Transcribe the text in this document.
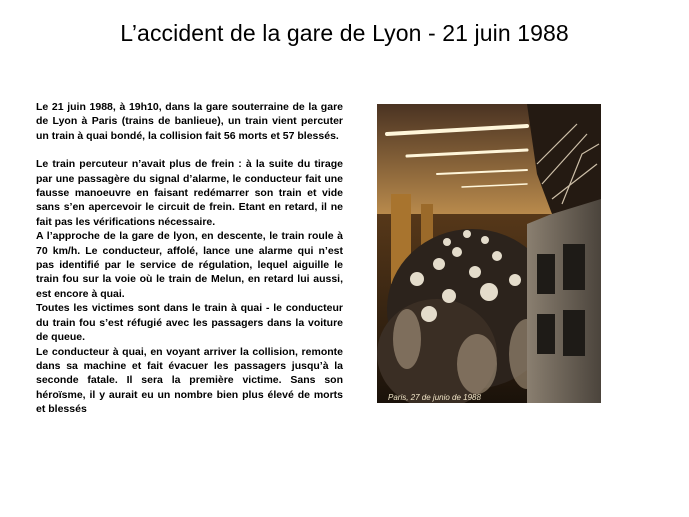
L’accident de la gare de Lyon - 21 juin 1988

Le 21 juin 1988, à 19h10, dans la gare souterraine de la gare de Lyon à Paris (trains de banlieue), un train vient percuter un train à quai bondé, la collision fait 56 morts et 57 blessés.

Le train percuteur n’avait plus de frein : à la suite du tirage par une passagère du signal d’alarme, le conducteur fait une fausse manoeuvre en faisant redémarrer son train et vide sans s’en apercevoir le circuit de frein. Etant en retard, il ne fait pas les vérifications nécessaire.

A l’approche de la gare de lyon, en descente, le train roule à 70 km/h. Le conducteur, affolé, lance une alarme qui n’est pas identifié par le service de régulation, lequel aiguille le train fou sur la voie où le train de Melun, en retard lui aussi, est encore à quai.

Toutes les victimes sont dans le train à quai - le conducteur du train fou s’est réfugié avec les passagers dans la voiture de queue.

Le conducteur à quai, en voyant arriver la collision, remonte dans sa machine et fait évacuer les passagers jusqu’à la seconde fatale. Il sera la première victime. Sans son héroïsme, il y aurait eu un nombre bien plus élevé de morts et blessés

Paris, 27 de junio de 1988
